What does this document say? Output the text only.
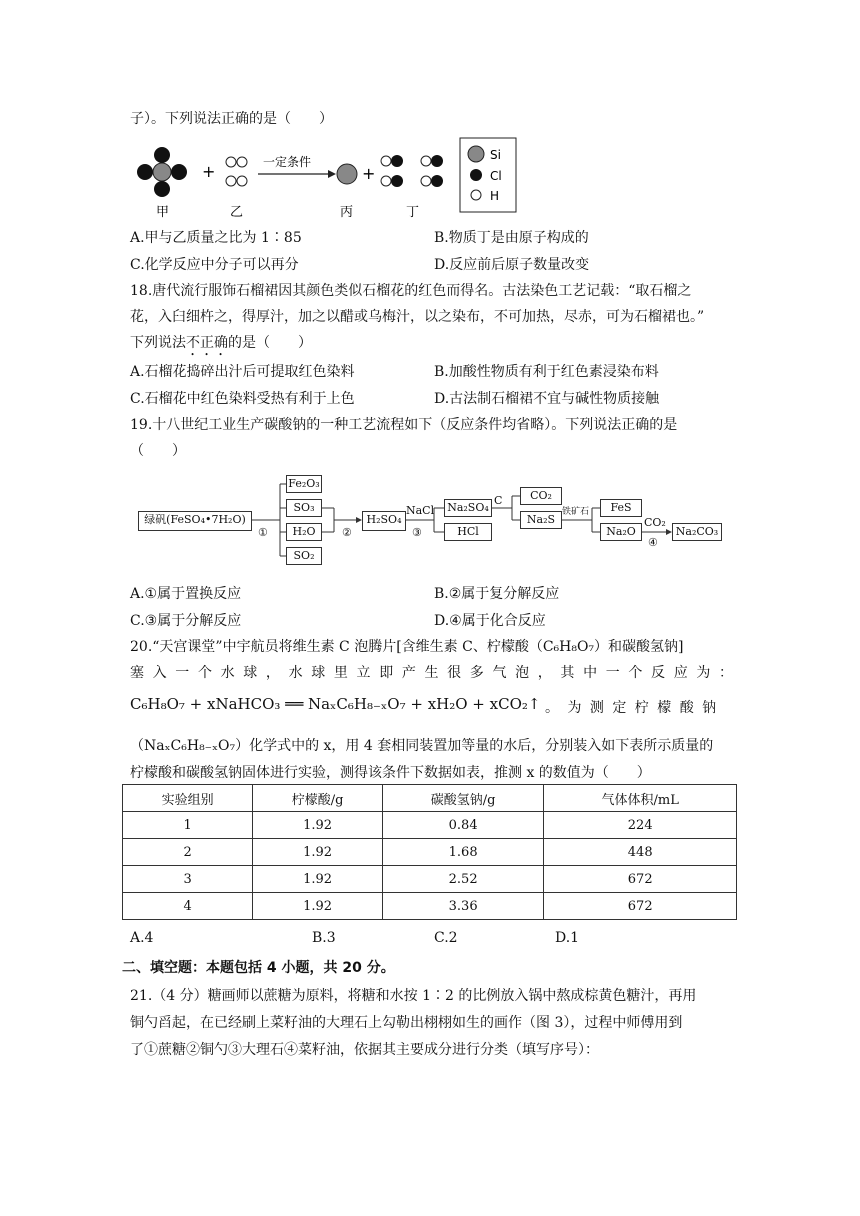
子）。下列说法正确的是（　　）
+	一定条件
+
甲	乙	丙	丁
Si
Cl
H
A.甲与乙质量之比为 1∶85	B.物质丁是由原子构成的
C.化学反应中分子可以再分	D.反应前后原子数量改变
18.唐代流行服饰石榴裙因其颜色类似石榴花的红色而得名。古法染色工艺记载：“取石榴之
花，入臼细杵之，得厚汁，加之以醋或乌梅汁，以之染布，不可加热，尽赤，可为石榴裙也。”
下列说法不正确的是（　　）
A.石榴花捣碎出汁后可提取红色染料	B.加酸性物质有利于红色素浸染布料
C.石榴花中红色染料受热有利于上色	D.古法制石榴裙不宜与碱性物质接触
19.十八世纪工业生产碳酸钠的一种工艺流程如下（反应条件均省略）。下列说法正确的是
（　　）
绿矾(FeSO₄•7H₂O)
Fe₂O₃
SO₃
H₂O
SO₂
①
H₂SO₄
②
NaCl
③
Na₂SO₄
HCl
C	CO₂
Na₂S
铁矿石	FeS
Na₂O
CO₂
④
Na₂CO₃
A.①属于置换反应	B.②属于复分解反应
C.③属于分解反应	D.④属于化合反应
20.“天宫课堂”中宇航员将维生素 C 泡腾片[含维生素 C、柠檬酸（C₆H₈O₇）和碳酸氢钠]
塞入一个水球，水球里立即产生很多气泡，其中一个反应为：
C₆H₈O₇ + xNaHCO₃ ══ NaₓC₆H₈₋ₓO₇ + xH₂O + xCO₂↑ 。 为 测 定 柠 檬 酸 钠
（NaₓC₆H₈₋ₓO₇）化学式中的 x，用 4 套相同装置加等量的水后，分别装入如下表所示质量的
柠檬酸和碳酸氢钠固体进行实验，测得该条件下数据如表，推测 x 的数值为（　　）
实验组别	柠檬酸/g	碳酸氢钠/g	气体体积/mL
1	1.92	0.84	224
2	1.92	1.68	448
3	1.92	2.52	672
4	1.92	3.36	672
A.4	B.3	C.2	D.1
二、填空题：本题包括 4 小题，共 20 分。
21.（4 分）糖画师以蔗糖为原料，将糖和水按 1∶2 的比例放入锅中熬成棕黄色糖汁，再用
铜勺舀起，在已经刷上菜籽油的大理石上勾勒出栩栩如生的画作（图 3），过程中师傅用到
了①蔗糖②铜勺③大理石④菜籽油，依据其主要成分进行分类（填写序号）：
